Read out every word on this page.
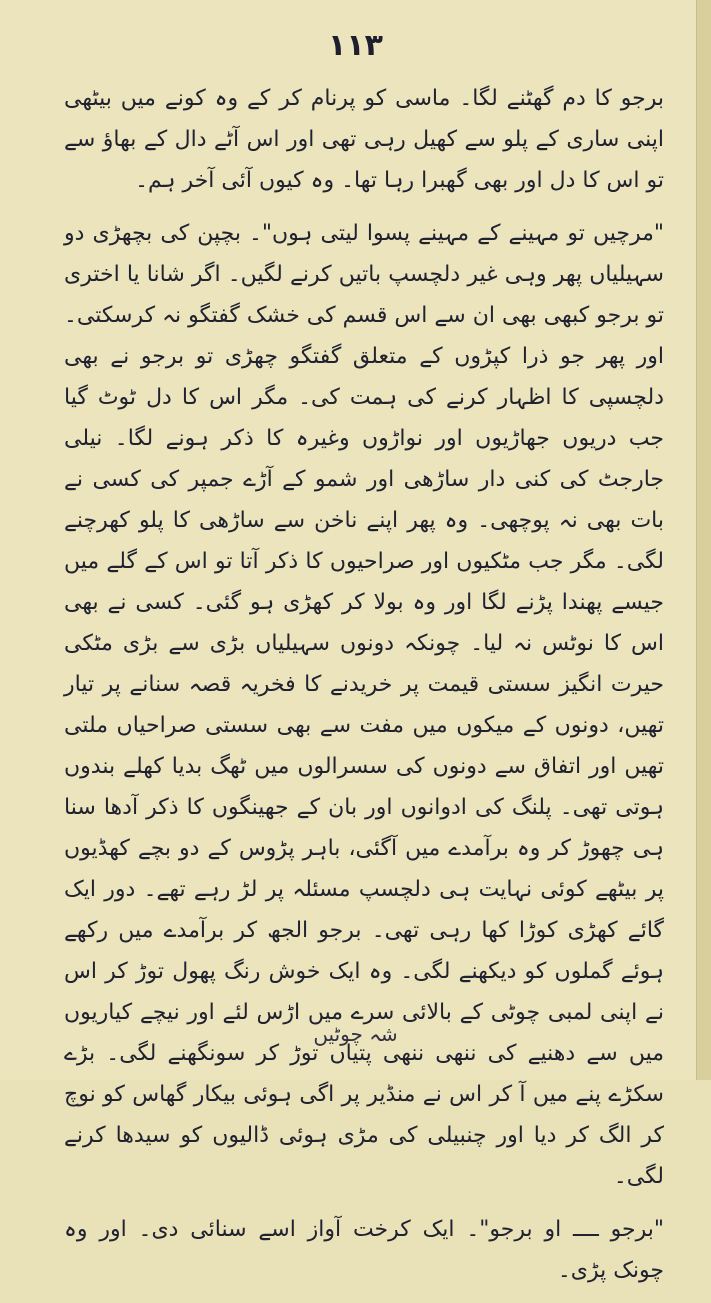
۱۱۳

برجو کا دم گھٹنے لگا۔ ماسی کو پرنام کر کے وہ کونے میں بیٹھی اپنی ساری کے پلو سے کھیل رہی تھی اور اس آٹے دال کے بھاؤ سے تو اس کا دل اور بھی گھبرا رہا تھا۔ وہ کیوں آئی آخر ہم۔

"مرچیں تو مہینے کے مہینے پسوا لیتی ہوں"۔ بچپن کی بچھڑی دو سہیلیاں پھر وہی غیر دلچسپ باتیں کرنے لگیں۔ اگر شانا یا اختری تو برجو کبھی بھی ان سے اس قسم کی خشک گفتگو نہ کرسکتی۔ اور پھر جو ذرا کپڑوں کے متعلق گفتگو چھڑی تو برجو نے بھی دلچسپی کا اظہار کرنے کی ہمت کی۔ مگر اس کا دل ٹوٹ گیا جب دریوں جھاڑیوں اور نواڑوں وغیرہ کا ذکر ہونے لگا۔ نیلی جارجٹ کی کنی دار ساڑھی اور شمو کے آڑے جمپر کی کسی نے بات بھی نہ پوچھی۔ وہ پھر اپنے ناخن سے ساڑھی کا پلو کھرچنے لگی۔ مگر جب مٹکیوں اور صراحیوں کا ذکر آتا تو اس کے گلے میں جیسے پھندا پڑنے لگا اور وہ بولا کر کھڑی ہو گئی۔ کسی نے بھی اس کا نوٹس نہ لیا۔ چونکہ دونوں سہیلیاں بڑی سے بڑی مٹکی حیرت انگیز سستی قیمت پر خریدنے کا فخریہ قصہ سنانے پر تیار تھیں، دونوں کے میکوں میں مفت سے بھی سستی صراحیاں ملتی تھیں اور اتفاق سے دونوں کی سسرالوں میں ٹھگ بدیا کھلے بندوں ہوتی تھی۔ پلنگ کی ادوانوں اور بان کے جھینگوں کا ذکر آدھا سنا ہی چھوڑ کر وہ برآمدے میں آگئی، باہر پڑوس کے دو بچے کھڈیوں پر بیٹھے کوئی نہایت ہی دلچسپ مسئلہ پر لڑ رہے تھے۔ دور ایک گائے کھڑی کوڑا کھا رہی تھی۔ برجو الجھ کر برآمدے میں رکھے ہوئے گملوں کو دیکھنے لگی۔ وہ ایک خوش رنگ پھول توڑ کر اس نے اپنی لمبی چوٹی کے بالائی سرے میں اڑس لئے اور نیچے کیاریوں میں سے دھنیے کی ننھی ننھی پتیاں توڑ کر سونگھنے لگی۔ بڑے سکڑے پنے میں آ کر اس نے منڈیر پر اگی ہوئی بیکار گھاس کو نوچ کر الگ کر دیا اور چنبیلی کی مڑی ہوئی ڈالیوں کو سیدھا کرنے لگی۔

"برجو ــــ او برجو"۔ ایک کرخت آواز اسے سنائی دی۔ اور وہ چونک پڑی۔

شہ چوٹیں
